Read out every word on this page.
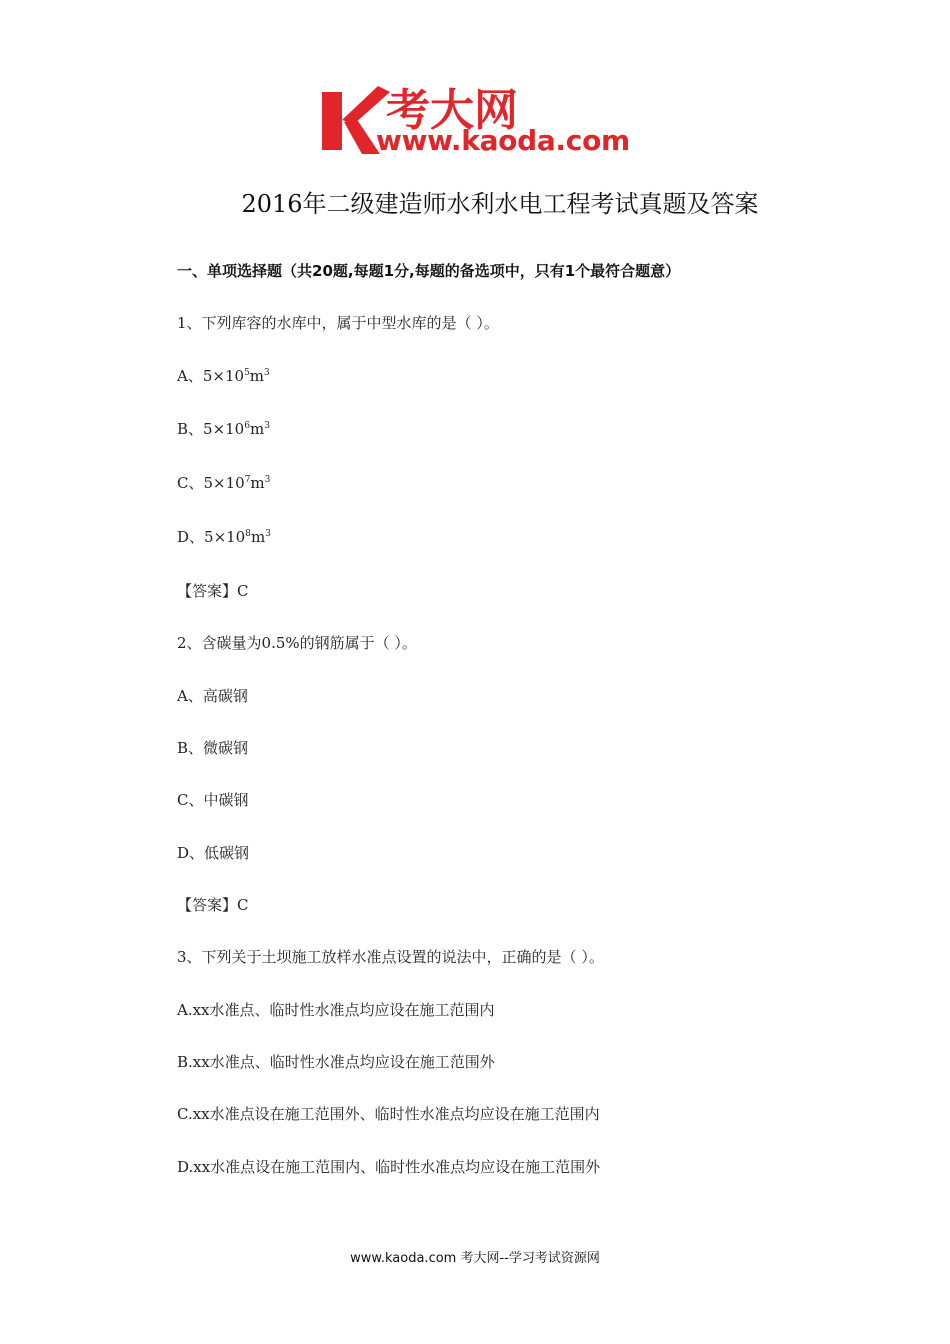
考大网
www.kaoda.com
2016年二级建造师水利水电工程考试真题及答案
一、单项选择题（共20题,每题1分,每题的备选项中，只有1个最符合题意）
1、下列库容的水库中，属于中型水库的是（ ）。
A、$5\times 10^5m^3$
B、$5\times 10^6m^3$
C、$5\times 10^7m^3$
D、$5\times 10^8m^3$
【答案】C
2、含碳量为0.5%的钢筋属于（ ）。
A、高碳钢
B、微碳钢
C、中碳钢
D、低碳钢
【答案】C
3、下列关于土坝施工放样水准点设置的说法中，正确的是（ ）。
A.xx水准点、临时性水准点均应设在施工范围内
B.xx水准点、临时性水准点均应设在施工范围外
C.xx水准点设在施工范围外、临时性水准点均应设在施工范围内
D.xx水准点设在施工范围内、临时性水准点均应设在施工范围外
www.kaoda.com 考大网--学习考试资源网
